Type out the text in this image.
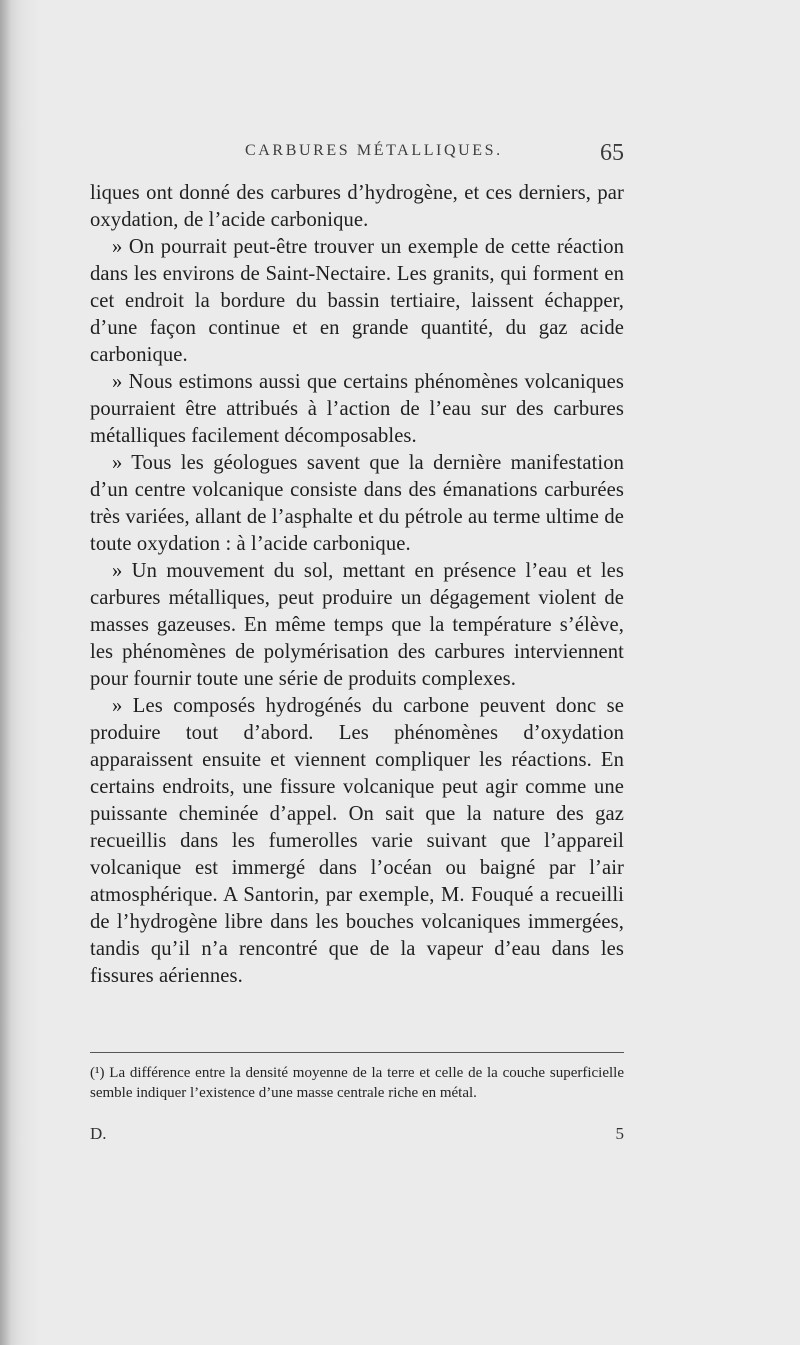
CARBURES MÉTALLIQUES.	65

liques ont donné des carbures d’hydrogène, et ces derniers, par oxydation, de l’acide carbonique.

» On pourrait peut-être trouver un exemple de cette réaction dans les environs de Saint-Nectaire. Les granits, qui forment en cet endroit la bordure du bassin tertiaire, laissent échapper, d’une façon continue et en grande quantité, du gaz acide carbonique.

» Nous estimons aussi que certains phénomènes volcaniques pourraient être attribués à l’action de l’eau sur des carbures métalliques facilement décomposables.

» Tous les géologues savent que la dernière manifestation d’un centre volcanique consiste dans des émanations carburées très variées, allant de l’asphalte et du pétrole au terme ultime de toute oxydation : à l’acide carbonique.

» Un mouvement du sol, mettant en présence l’eau et les carbures métalliques, peut produire un dégagement violent de masses gazeuses. En même temps que la température s’élève, les phénomènes de polymérisation des carbures interviennent pour fournir toute une série de produits complexes.

» Les composés hydrogénés du carbone peuvent donc se produire tout d’abord. Les phénomènes d’oxydation apparaissent ensuite et viennent compliquer les réactions. En certains endroits, une fissure volcanique peut agir comme une puissante cheminée d’appel. On sait que la nature des gaz recueillis dans les fumerolles varie suivant que l’appareil volcanique est immergé dans l’océan ou baigné par l’air atmosphérique. A Santorin, par exemple, M. Fouqué a recueilli de l’hydrogène libre dans les bouches volcaniques immergées, tandis qu’il n’a rencontré que de la vapeur d’eau dans les fissures aériennes.

(¹) La différence entre la densité moyenne de la terre et celle de la couche superficielle semble indiquer l’existence d’une masse centrale riche en métal.

D.	5
